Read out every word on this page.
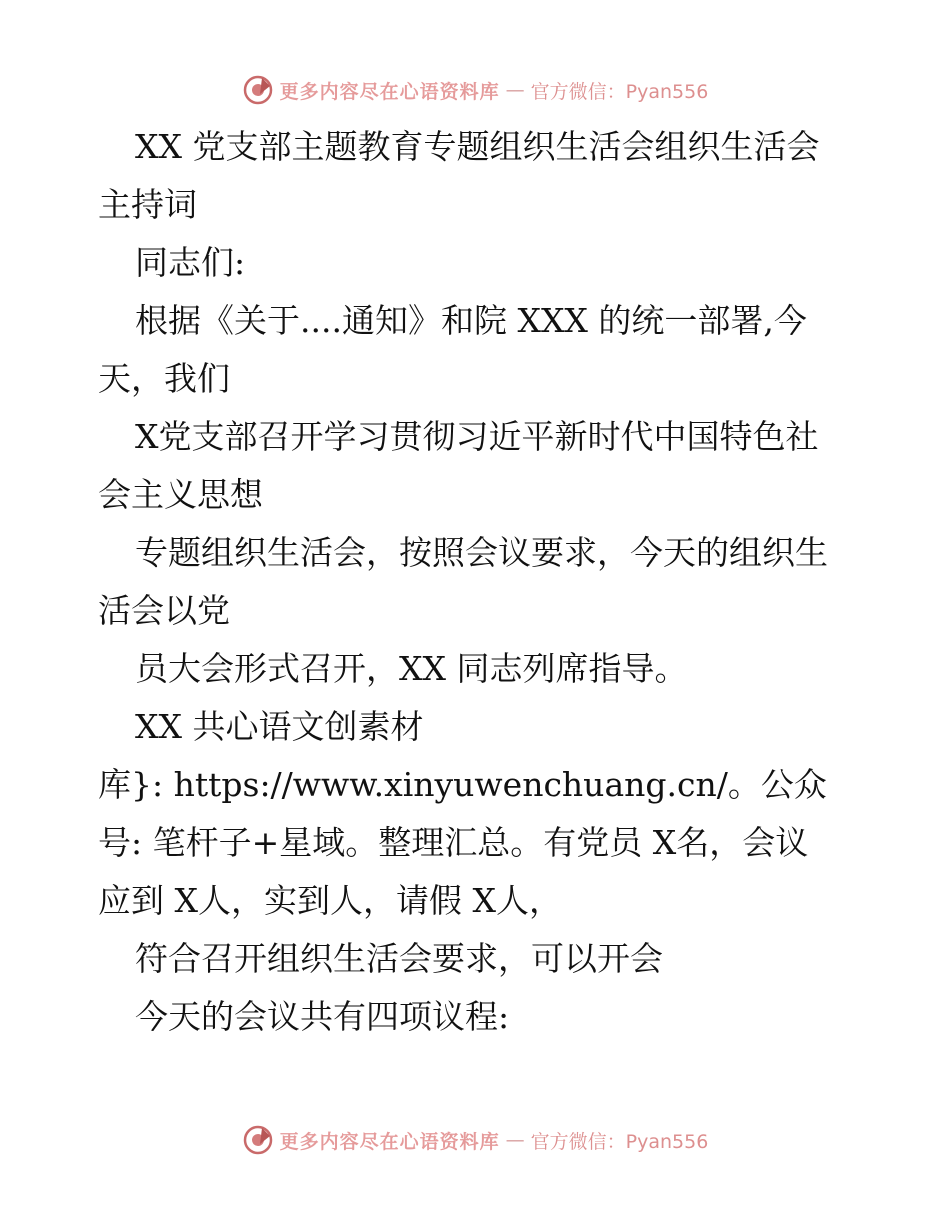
更多内容尽在心语资料库 — 官方微信：Pyan556
XX 党支部主题教育专题组织生活会组织生活会
主持词
同志们:
根据《关于....通知》和院 XXX 的统一部署,今
天，我们
X党支部召开学习贯彻习近平新时代中国特色社
会主义思想
专题组织生活会，按照会议要求，今天的组织生
活会以党
员大会形式召开，XX 同志列席指导。
XX 共心语文创素材
库}: https://www.xinyuwenchuang.cn/。公众
号: 笔杆子+星域。整理汇总。有党员 X名，会议
应到 X人，实到人，请假 X人，
符合召开组织生活会要求，可以开会
今天的会议共有四项议程:
更多内容尽在心语资料库 — 官方微信：Pyan556
